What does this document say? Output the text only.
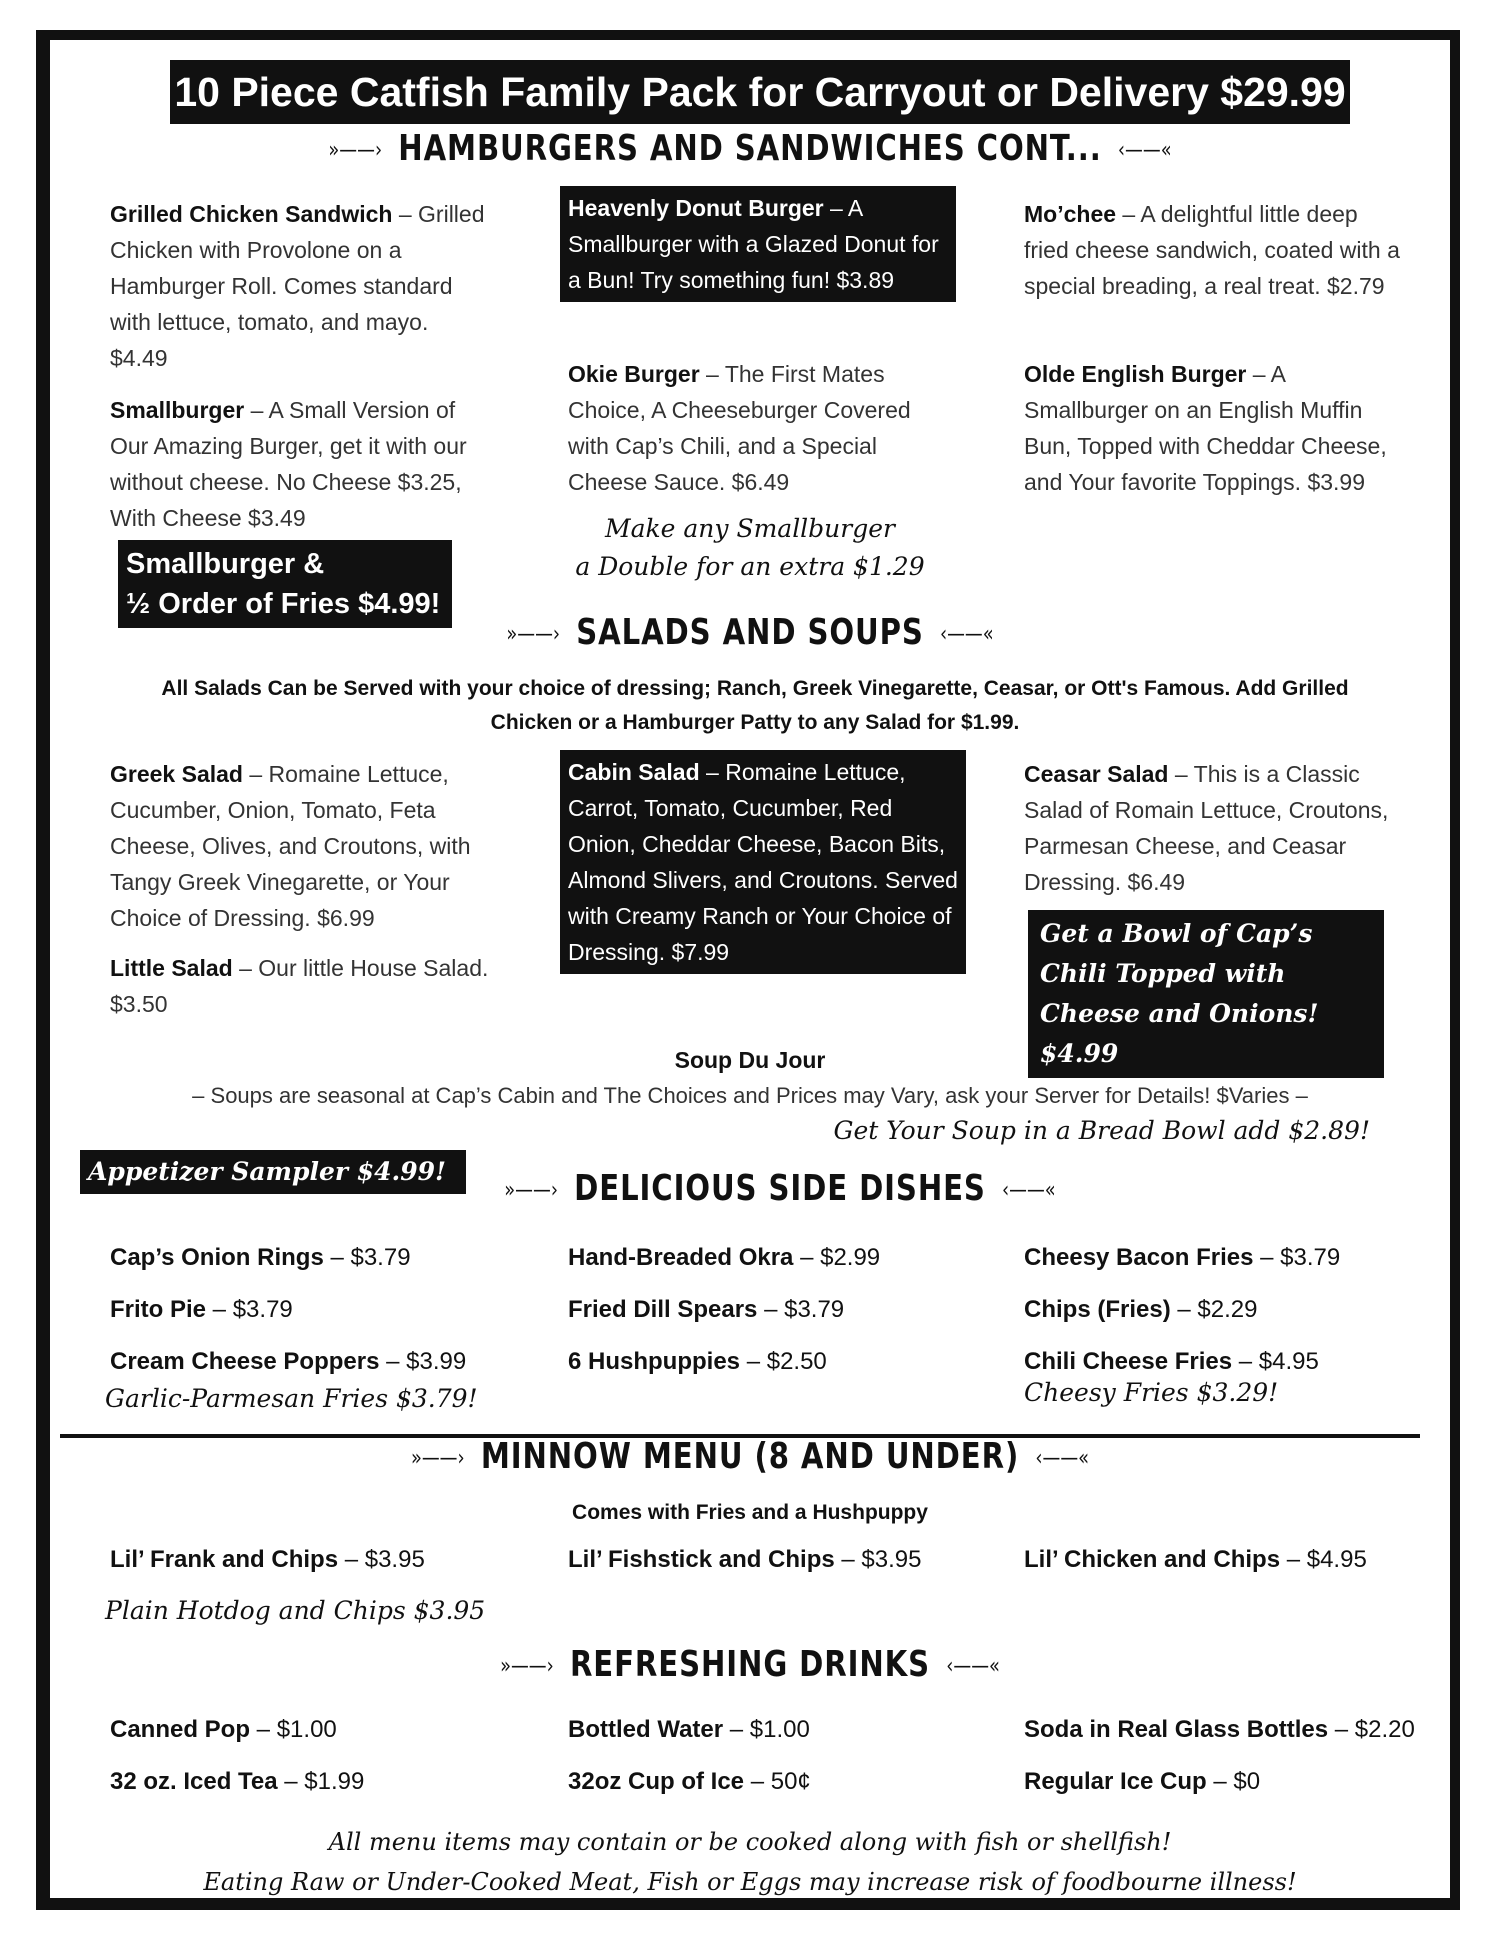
10 Piece Catfish Family Pack for Carryout or Delivery $29.99
»——› HAMBURGERS AND SANDWICHES CONT... ‹——«
Grilled Chicken Sandwich – Grilled Chicken with Provolone on a Hamburger Roll. Comes standard with lettuce, tomato, and mayo. $4.49
Smallburger – A Small Version of Our Amazing Burger, get it with our without cheese. No Cheese $3.25, With Cheese $3.49
Smallburger &
½ Order of Fries $4.99!
Heavenly Donut Burger – A Smallburger with a Glazed Donut for a Bun! Try something fun! $3.89
Okie Burger – The First Mates Choice, A Cheeseburger Covered with Cap’s Chili, and a Special Cheese Sauce. $6.49
Make any Smallburger
a Double for an extra $1.29
Mo’chee – A delightful little deep fried cheese sandwich, coated with a special breading, a real treat. $2.79
Olde English Burger – A Smallburger on an English Muffin Bun, Topped with Cheddar Cheese, and Your favorite Toppings. $3.99
»——› SALADS AND SOUPS ‹——«
All Salads Can be Served with your choice of dressing; Ranch, Greek Vinegarette, Ceasar, or Ott's Famous. Add Grilled Chicken or a Hamburger Patty to any Salad for $1.99.
Greek Salad – Romaine Lettuce, Cucumber, Onion, Tomato, Feta Cheese, Olives, and Croutons, with Tangy Greek Vinegarette, or Your Choice of Dressing. $6.99
Little Salad – Our little House Salad. $3.50
Cabin Salad – Romaine Lettuce, Carrot, Tomato, Cucumber, Red Onion, Cheddar Cheese, Bacon Bits, Almond Slivers, and Croutons. Served with Creamy Ranch or Your Choice of Dressing. $7.99
Ceasar Salad – This is a Classic Salad of Romain Lettuce, Croutons, Parmesan Cheese, and Ceasar Dressing. $6.49
Get a Bowl of Cap’s Chili Topped with Cheese and Onions! $4.99
Soup Du Jour
– Soups are seasonal at Cap’s Cabin and The Choices and Prices may Vary, ask your Server for Details! $Varies –
Get Your Soup in a Bread Bowl add $2.89!
Appetizer Sampler $4.99!
»——› DELICIOUS SIDE DISHES ‹——«
Cap’s Onion Rings – $3.79
Frito Pie – $3.79
Cream Cheese Poppers – $3.99
Garlic-Parmesan Fries $3.79!
Hand-Breaded Okra – $2.99
Fried Dill Spears – $3.79
6 Hushpuppies – $2.50
Cheesy Bacon Fries – $3.79
Chips (Fries) – $2.29
Chili Cheese Fries – $4.95
Cheesy Fries $3.29!
»——› MINNOW MENU (8 AND UNDER) ‹——«
Comes with Fries and a Hushpuppy
Lil’ Frank and Chips – $3.95	Lil’ Fishstick and Chips – $3.95	Lil’ Chicken and Chips – $4.95
Plain Hotdog and Chips $3.95
»——› REFRESHING DRINKS ‹——«
Canned Pop – $1.00
32 oz. Iced Tea – $1.99
Bottled Water – $1.00
32oz Cup of Ice – 50¢
Soda in Real Glass Bottles – $2.20
Regular Ice Cup – $0
All menu items may contain or be cooked along with fish or shellfish!
Eating Raw or Under-Cooked Meat, Fish or Eggs may increase risk of foodbourne illness!
